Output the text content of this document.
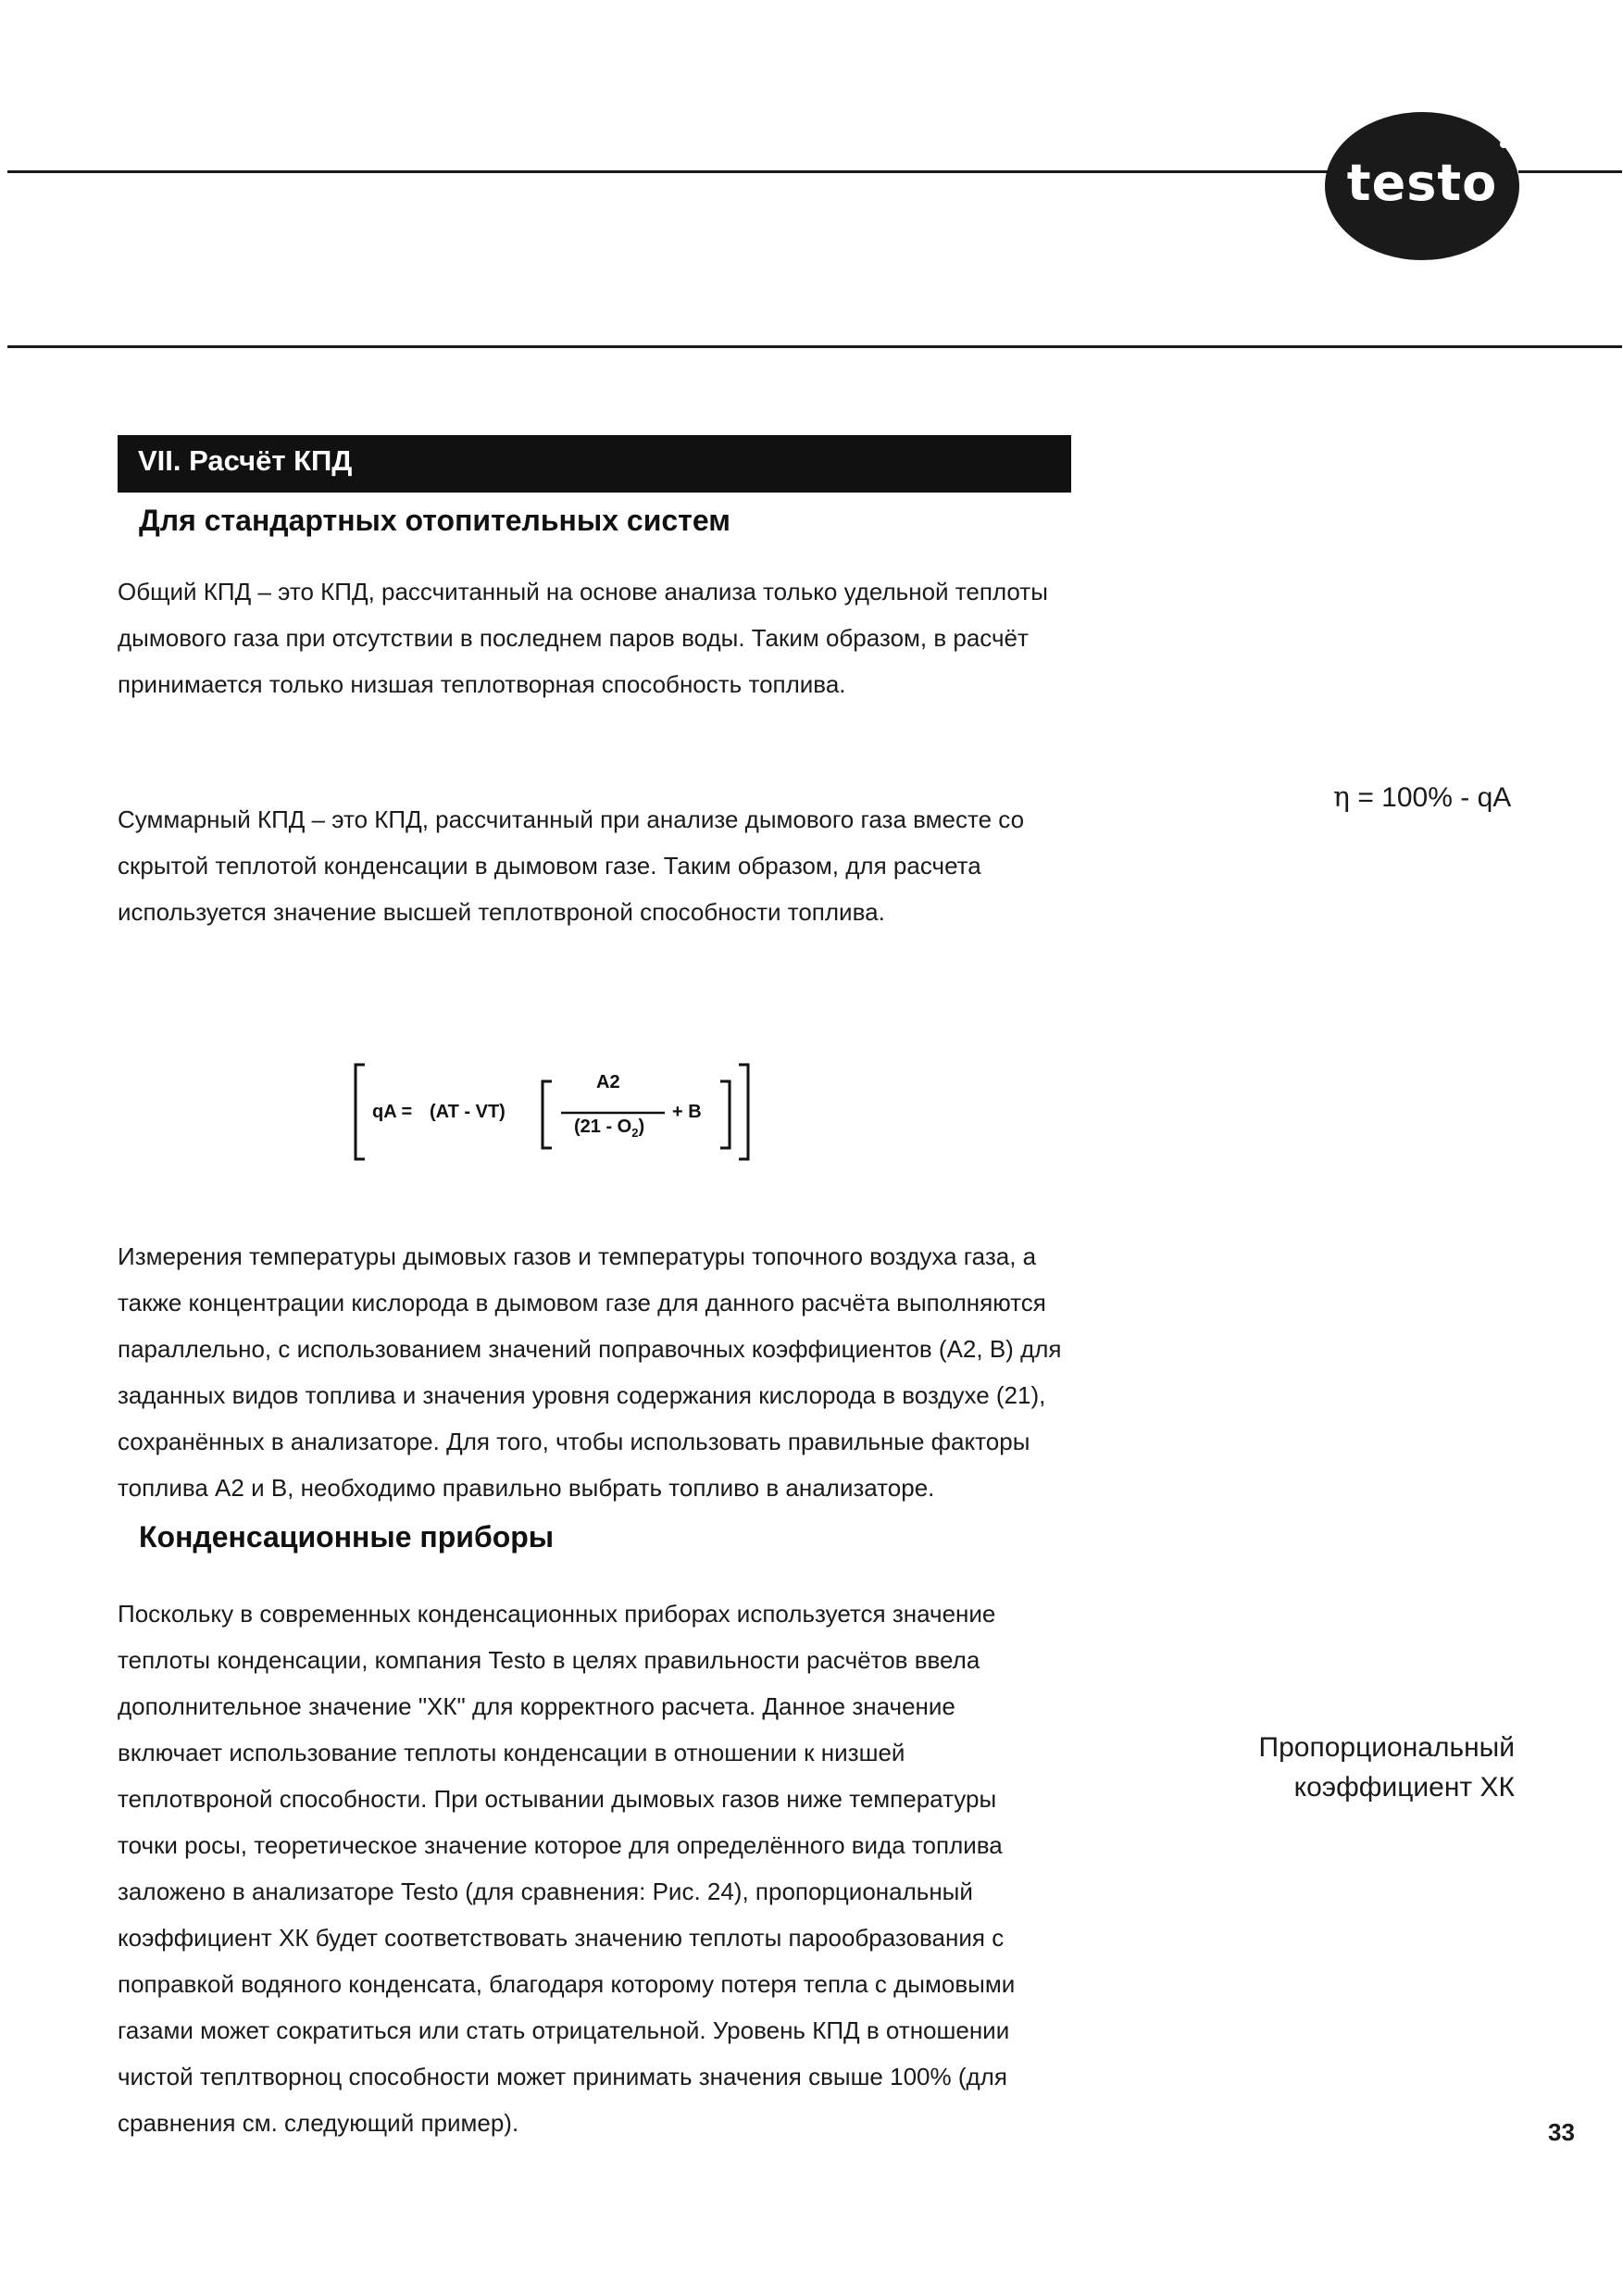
testo
VII. Расчёт КПД
Для стандартных отопительных систем
Общий КПД – это КПД, рассчитанный на основе анализа только удельной теплоты
дымового газа при отсутствии в последнем паров воды. Таким образом, в расчёт
принимается только низшая теплотворная способность топлива.
Суммарный КПД – это КПД, рассчитанный при анализе дымового газа вместе со
скрытой теплотой конденсации в дымовом газе. Таким образом, для расчета
используется значение высшей теплотвроной способности топлива.
η = 100% - qA
qA = (AT - VT)
A2
$(21 - O_2)$
+ B
Измерения температуры дымовых газов и температуры топочного воздуха газа, а
также концентрации кислорода в дымовом газе для данного расчёта выполняются
параллельно, с использованием значений поправочных коэффициентов (А2, В) для
заданных видов топлива и значения уровня содержания кислорода в воздухе (21),
сохранённых в анализаторе. Для того, чтобы использовать правильные факторы
топлива А2 и В, необходимо правильно выбрать топливо в анализаторе.
Конденсационные приборы
Поскольку в современных конденсационных приборах используется значение
теплоты конденсации, компания Testo в целях правильности расчётов ввела
дополнительное значение "ХК" для корректного расчета. Данное значение
включает использование теплоты конденсации в отношении к низшей
теплотвроной способности. При остывании дымовых газов ниже температуры
точки росы, теоретическое значение которое для определённого вида топлива
заложено в анализаторе Testo (для сравнения: Рис. 24), пропорциональный
коэффициент ХК будет соответствовать значению теплоты парообразования с
поправкой водяного конденсата, благодаря которому потеря тепла с дымовыми
газами может сократиться или стать отрицательной. Уровень КПД в отношении
чистой теплтворноц способности может принимать значения свыше 100% (для
сравнения см. следующий пример).
Пропорциональный
коэффициент ХК
33
